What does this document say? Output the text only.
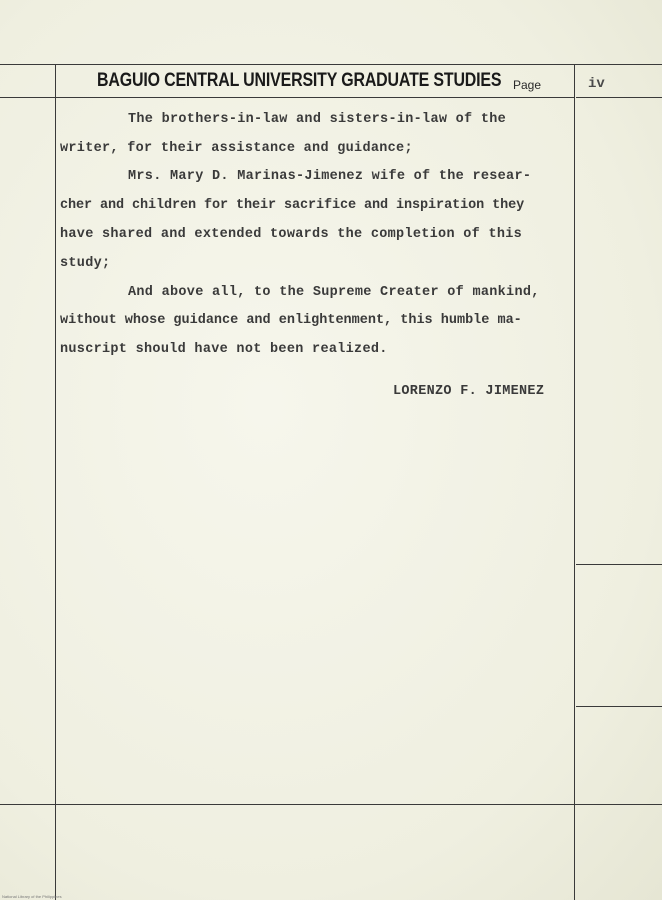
BAGUIO CENTRAL UNIVERSITY GRADUATE STUDIES Page	iv
The brothers-in-law and sisters-in-law of the
writer, for their assistance and guidance;
Mrs. Mary D. Marinas-Jimenez wife of the resear-
cher and children for their sacrifice and inspiration they
have shared and extended towards the completion of this
study;
And above all, to the Supreme Creater of mankind,
without whose guidance and enlightenment, this humble ma-
nuscript should have not been realized.
LORENZO F. JIMENEZ
National Library of the Philippines
